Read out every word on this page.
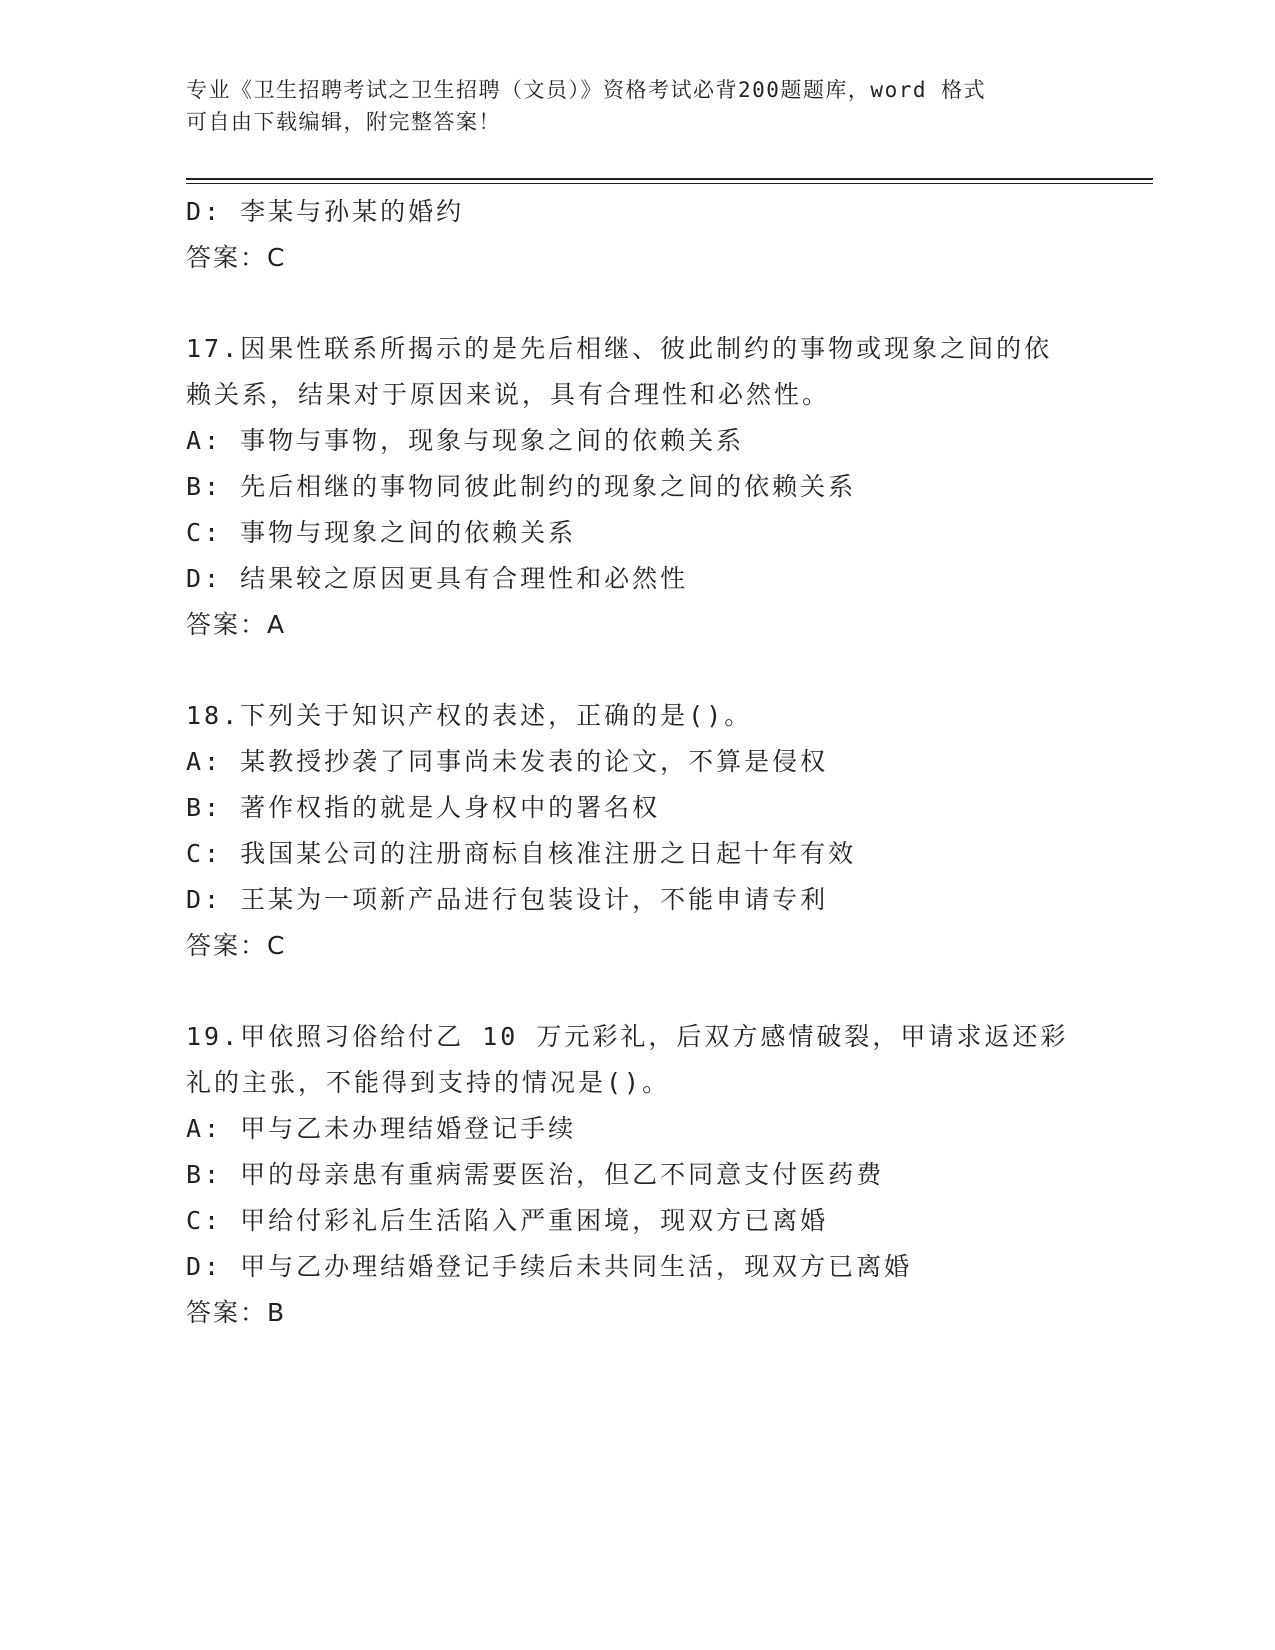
专业《卫生招聘考试之卫生招聘（文员）》资格考试必背200题题库，word 格式
可自由下载编辑，附完整答案！
D: 李某与孙某的婚约
答案：C
17.因果性联系所揭示的是先后相继、彼此制约的事物或现象之间的依
赖关系，结果对于原因来说，具有合理性和必然性。
A: 事物与事物，现象与现象之间的依赖关系
B: 先后相继的事物同彼此制约的现象之间的依赖关系
C: 事物与现象之间的依赖关系
D: 结果较之原因更具有合理性和必然性
答案：A
18.下列关于知识产权的表述，正确的是()。
A: 某教授抄袭了同事尚未发表的论文，不算是侵权
B: 著作权指的就是人身权中的署名权
C: 我国某公司的注册商标自核准注册之日起十年有效
D: 王某为一项新产品进行包装设计，不能申请专利
答案：C
19.甲依照习俗给付乙 10 万元彩礼，后双方感情破裂，甲请求返还彩
礼的主张，不能得到支持的情况是()。
A: 甲与乙未办理结婚登记手续
B: 甲的母亲患有重病需要医治，但乙不同意支付医药费
C: 甲给付彩礼后生活陷入严重困境，现双方已离婚
D: 甲与乙办理结婚登记手续后未共同生活，现双方已离婚
答案：B
